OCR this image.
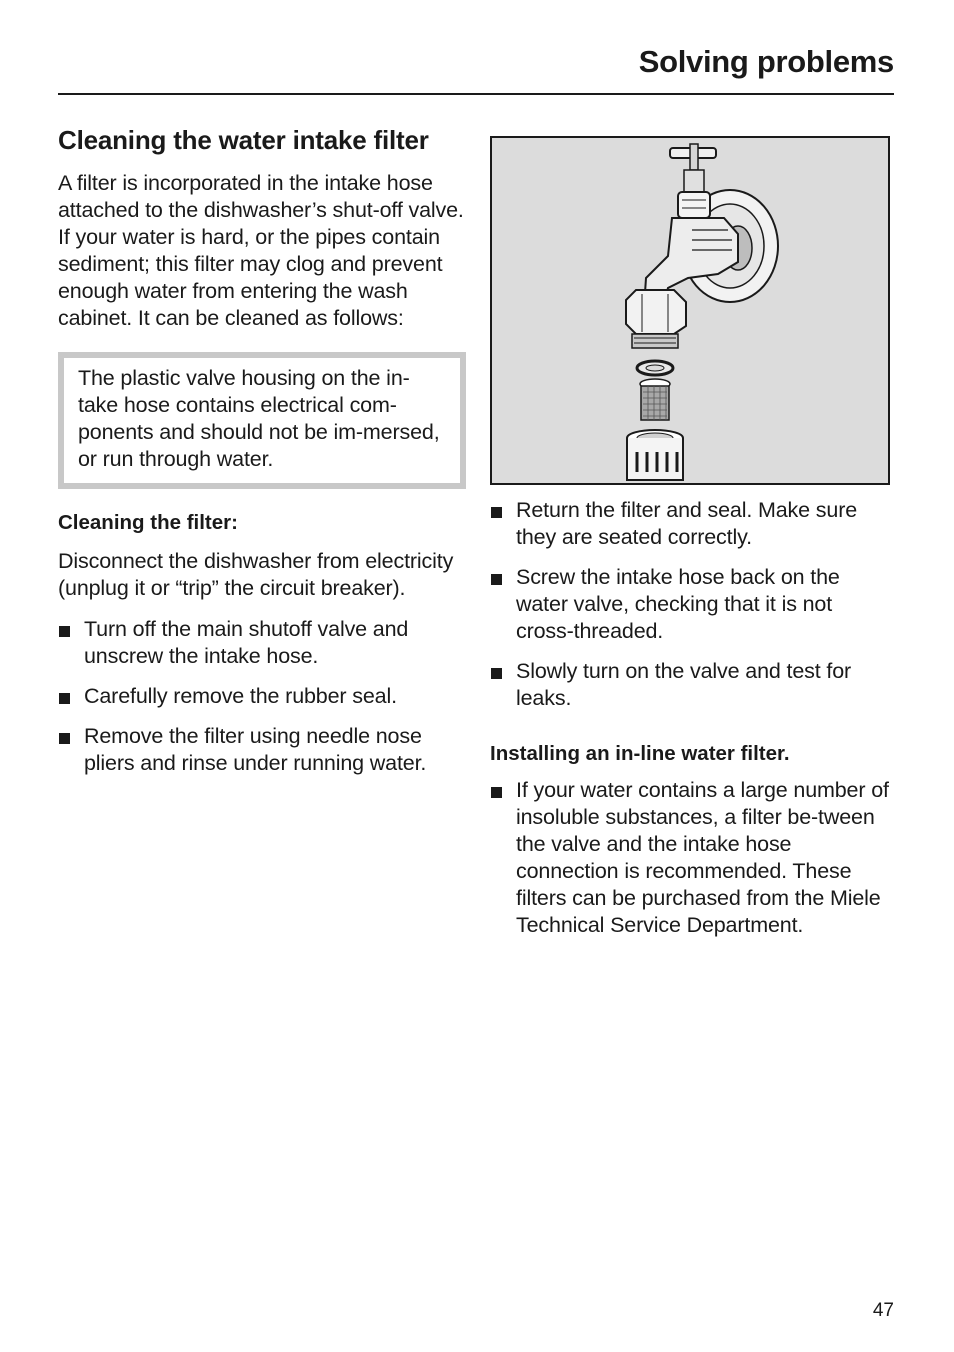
Solving problems
Cleaning the water intake filter

A filter is incorporated in the intake hose attached to the dishwasher’s shut-off valve. If your water is hard, or the pipes contain sediment; this filter may clog and prevent enough water from entering the wash cabinet. It can be cleaned as follows:

The plastic valve housing on the in-take hose contains electrical com-ponents and should not be im-mersed, or run through water.

Cleaning the filter:

Disconnect the dishwasher from electricity (unplug it or “trip” the circuit breaker).

Turn off the main shutoff valve and unscrew the intake hose.
Carefully remove the rubber seal.
Remove the filter using needle nose pliers and rinse under running water.
Return the filter and seal. Make sure they are seated correctly.
Screw the intake hose back on the water valve, checking that it is not cross-threaded.
Slowly turn on the valve and test for leaks.
Installing an in-line water filter.
If your water contains a large number of insoluble substances, a filter be-tween the valve and the intake hose connection is recommended. These filters can be purchased from the Miele Technical Service Department.
47
